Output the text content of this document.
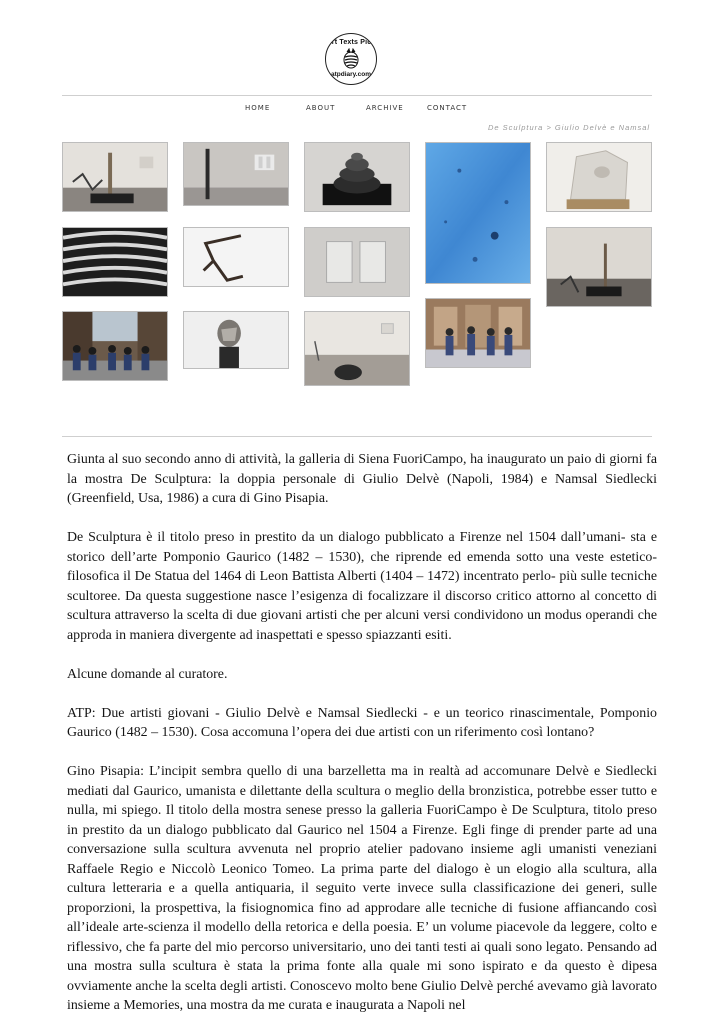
Art Texts Pics
atpdiary.com
HOME	ABOUT	ARCHIVE	CONTACT
De Sculptura > Giulio Delvè e Namsal

Giunta al suo secondo anno di attività, la galleria di Siena FuoriCampo, ha inaugurato un paio di giorni fa la mostra De Sculptura: la doppia personale di Giulio Delvè (Napoli, 1984) e Namsal Siedlecki (Greenfield, Usa, 1986) a cura di Gino Pisapia.

De Sculptura è il titolo preso in prestito da un dialogo pubblicato a Firenze nel 1504 dall’umani- sta e storico dell’arte Pomponio Gaurico (1482 – 1530), che riprende ed emenda sotto una veste estetico-filosofica il De Statua del 1464 di Leon Battista Alberti (1404 – 1472) incentrato perlo- più sulle tecniche scultoree. Da questa suggestione nasce l’esigenza di focalizzare il discorso critico attorno al concetto di scultura attraverso la scelta di due giovani artisti che per alcuni versi condividono un modus operandi che approda in maniera divergente ad inaspettati e spesso spiazzanti esiti.

Alcune domande al curatore.

ATP: Due artisti giovani - Giulio Delvè e Namsal Siedlecki - e un teorico rinascimentale, Pomponio Gaurico (1482 – 1530). Cosa accomuna l’opera dei due artisti con un riferimento così lontano?

Gino Pisapia: L’incipit sembra quello di una barzelletta ma in realtà ad accomunare Delvè e Siedlecki mediati dal Gaurico, umanista e dilettante della scultura o meglio della bronzistica, potrebbe esser tutto e nulla, mi spiego. Il titolo della mostra senese presso la galleria FuoriCampo è De Sculptura, titolo preso in prestito da un dialogo pubblicato dal Gaurico nel 1504 a Firenze. Egli finge di prender parte ad una conversazione sulla scultura avvenuta nel proprio atelier padovano insieme agli umanisti veneziani Raffaele Regio e Niccolò Leonico Tomeo. La prima parte del dialogo è un elogio alla scultura, alla cultura letteraria e a quella antiquaria, il seguito verte invece sulla classificazione dei generi, sulle proporzioni, la prospettiva, la fisiognomica fino ad approdare alle tecniche di fusione affiancando così all’ideale arte-scienza il modello della retorica e della poesia. E’ un volume piacevole da leggere, colto e riflessivo, che fa parte del mio percorso universitario, uno dei tanti testi ai quali sono legato. Pensando ad una mostra sulla scultura è stata la prima fonte alla quale mi sono ispirato e da questo è dipesa ovviamente anche la scelta degli artisti. Conoscevo molto bene Giulio Delvè perché avevamo già lavorato insieme a Memories, una mostra da me curata e inaugurata a Napoli nel
